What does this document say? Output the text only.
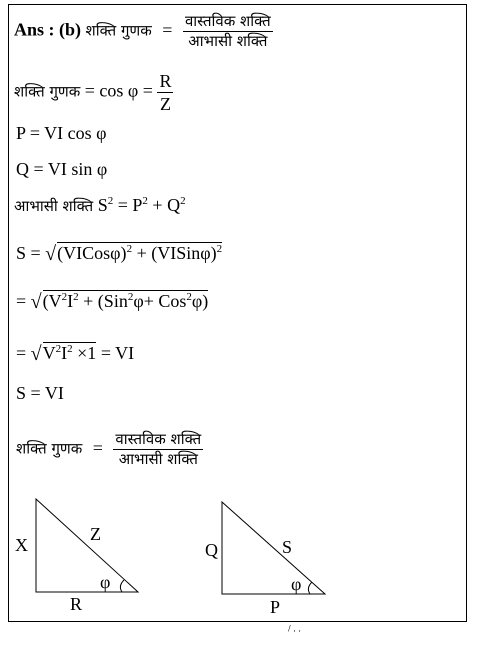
Ans : (b) शक्ति गुणक = $\frac{\text{वास्तविक शक्ति}}{\text{आभासी शक्ति}}$
शक्ति गुणक = $\cos \varphi = \frac{R}{Z}$
P = VI cos φ
Q = VI sin φ
आभासी शक्ति $S^2 = P^2 + Q^2$
S = √ (VICosφ)$^2$ + (VISinφ)$^2$
= √ ($V^2I^2 + (Sin^2\varphi+ Cos^2\varphi)$
= √ $V^2I^2 \times 1$ = VI
S = VI
शक्ति गुणक = $\frac{\text{वास्तविक शक्ति}}{\text{आभासी शक्ति}}$
X
Z
R
φ
Q	S
P
φ
/ , ,
